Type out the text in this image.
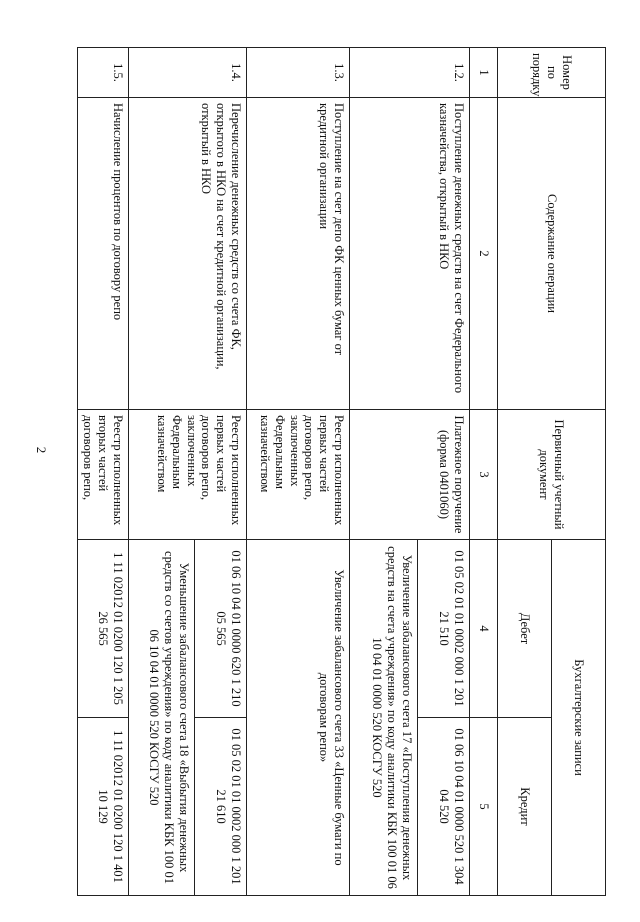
2
Номер по порядку	Содержание операции	Первичный учетный документ	Бухгалтерские записи	
			Дебет	Кредит
1	2	3	4	5
1.2.	Поступление денежных средств на счет Федерального казначейства, открытый в НКО	Платежное поручение (форма 0401060)	01 05 02 01 01 0002 000 1 201 21 510	01 06 10 04 01 0000 520 1 304 04 520
			Увеличение забалансового счета 17 «Поступления денежных средств на счета учреждения» по коду аналитики КБК 100 01 06 10 04 01 0000 520 КОСГУ 520	
1.3.	Поступление на счет депо ФК ценных бумаг от кредитной организации	Реестр исполненных первых частей договоров репо, заключенных Федеральным казначейством	Увеличение забалансового счета 33 «Ценные бумаги по договорам репо»	
1.4.	Перечисление денежных средств со счета ФК, открытого в НКО на счет кредитной организации, открытый в НКО	Реестр исполненных первых частей договоров репо, заключенных Федеральным казначейством	01 06 10 04 01 0000 620 1 210 05 565	01 05 02 01 01 0002 000 1 201 21 610
			Уменьшение забалансового счета 18 «Выбытия денежных средств со счетов учреждения» по коду аналитики КБК 100 01 06 10 04 01 0000 520 КОСГУ 520	
1.5.	Начисление процентов по договору репо	Реестр исполненных вторых частей договоров репо,	1 11 02012 01 0200 120 1 205 26 565	1 11 02012 01 0200 120 1 401 10 129
